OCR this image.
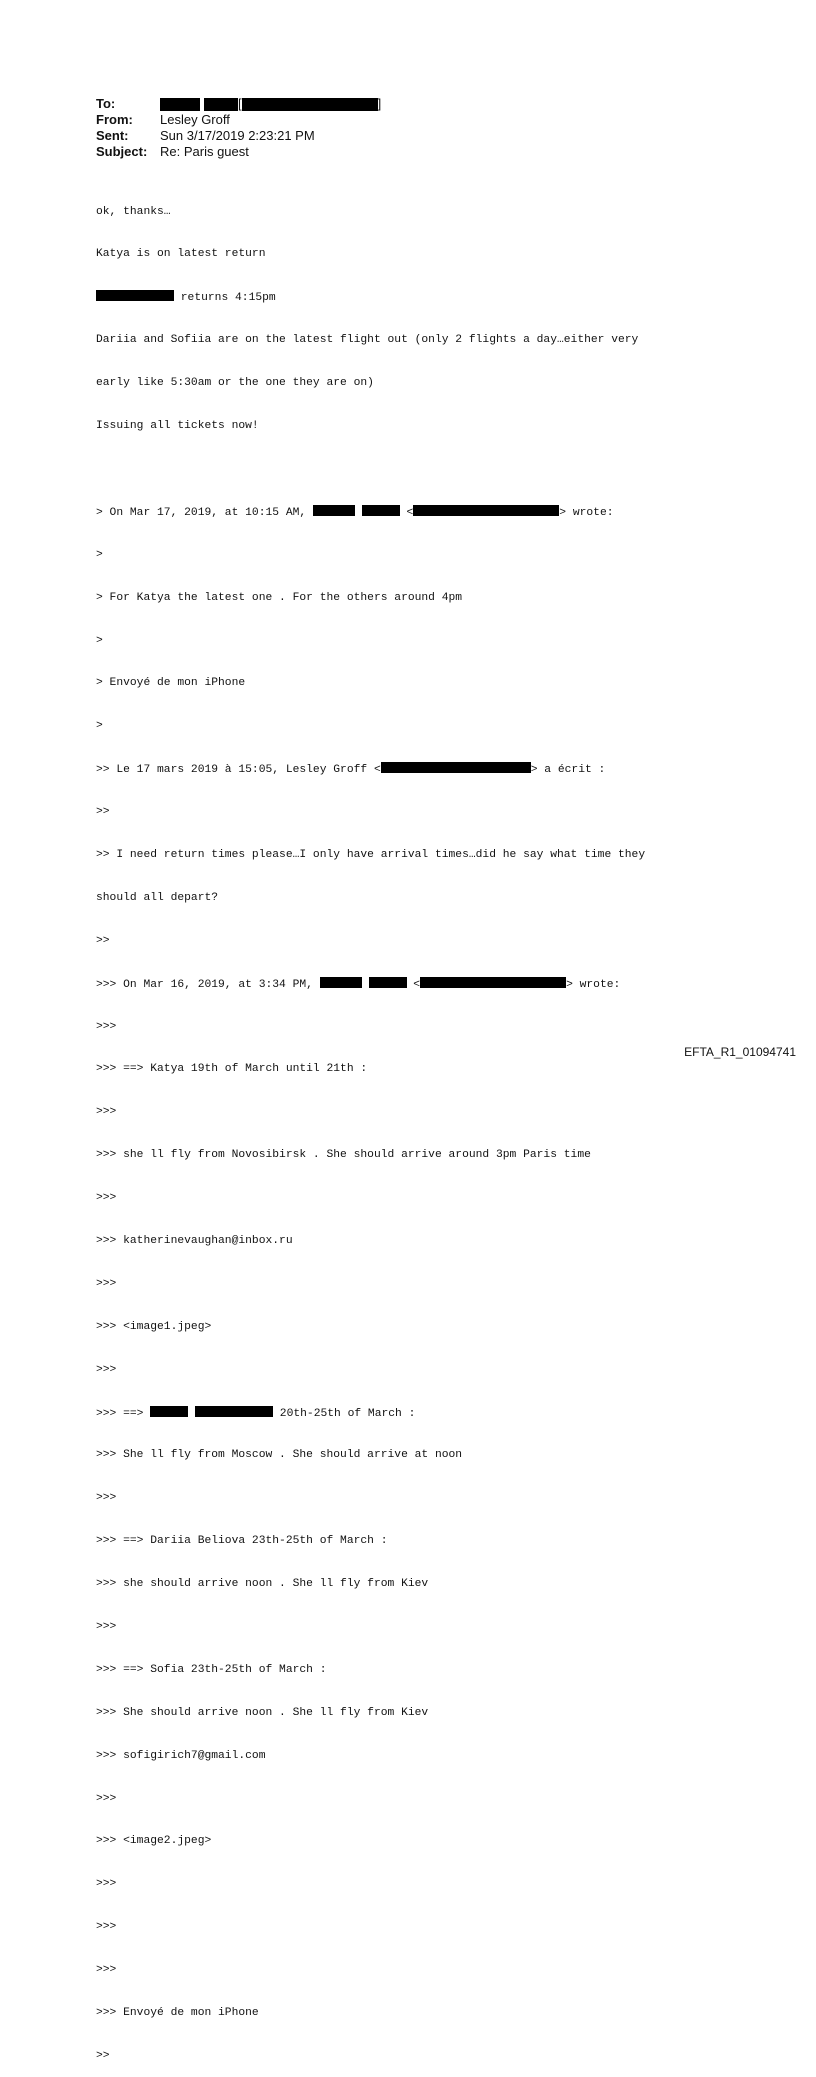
To:	[	]
From:	Lesley Groff
Sent:	Sun 3/17/2019 2:23:21 PM
Subject: Re: Paris guest

ok, thanks…

Katya is on latest return

returns 4:15pm

Dariia and Sofiia are on the latest flight out (only 2 flights a day…either very

early like 5:30am or the one they are on)

Issuing all tickets now!

> On Mar 17, 2019, at 10:15 AM,	<	> wrote:

>

> For Katya the latest one . For the others around 4pm

>

> Envoyé de mon iPhone

>

>> Le 17 mars 2019 à 15:05, Lesley Groff <	> a écrit :

>>

>> I need return times please…I only have arrival times…did he say what time they

should all depart?

>>

>>> On Mar 16, 2019, at 3:34 PM,	<	> wrote:

>>>

>>> ==> Katya 19th of March until 21th :

>>>

>>> she ll fly from Novosibirsk . She should arrive around 3pm Paris time

>>>

>>> katherinevaughan@inbox.ru

>>>

>>> <image1.jpeg>

>>>

>>> ==>	20th-25th of March :

>>> She ll fly from Moscow . She should arrive at noon

>>>

>>> ==> Dariia Beliova 23th-25th of March :

>>> she should arrive noon . She ll fly from Kiev

>>>

>>> ==> Sofia 23th-25th of March :

>>> She should arrive noon . She ll fly from Kiev

>>> sofigirich7@gmail.com

>>>

>>> <image2.jpeg>

>>>

>>>

>>>

>>> Envoyé de mon iPhone

>>

EFTA_R1_01094741
